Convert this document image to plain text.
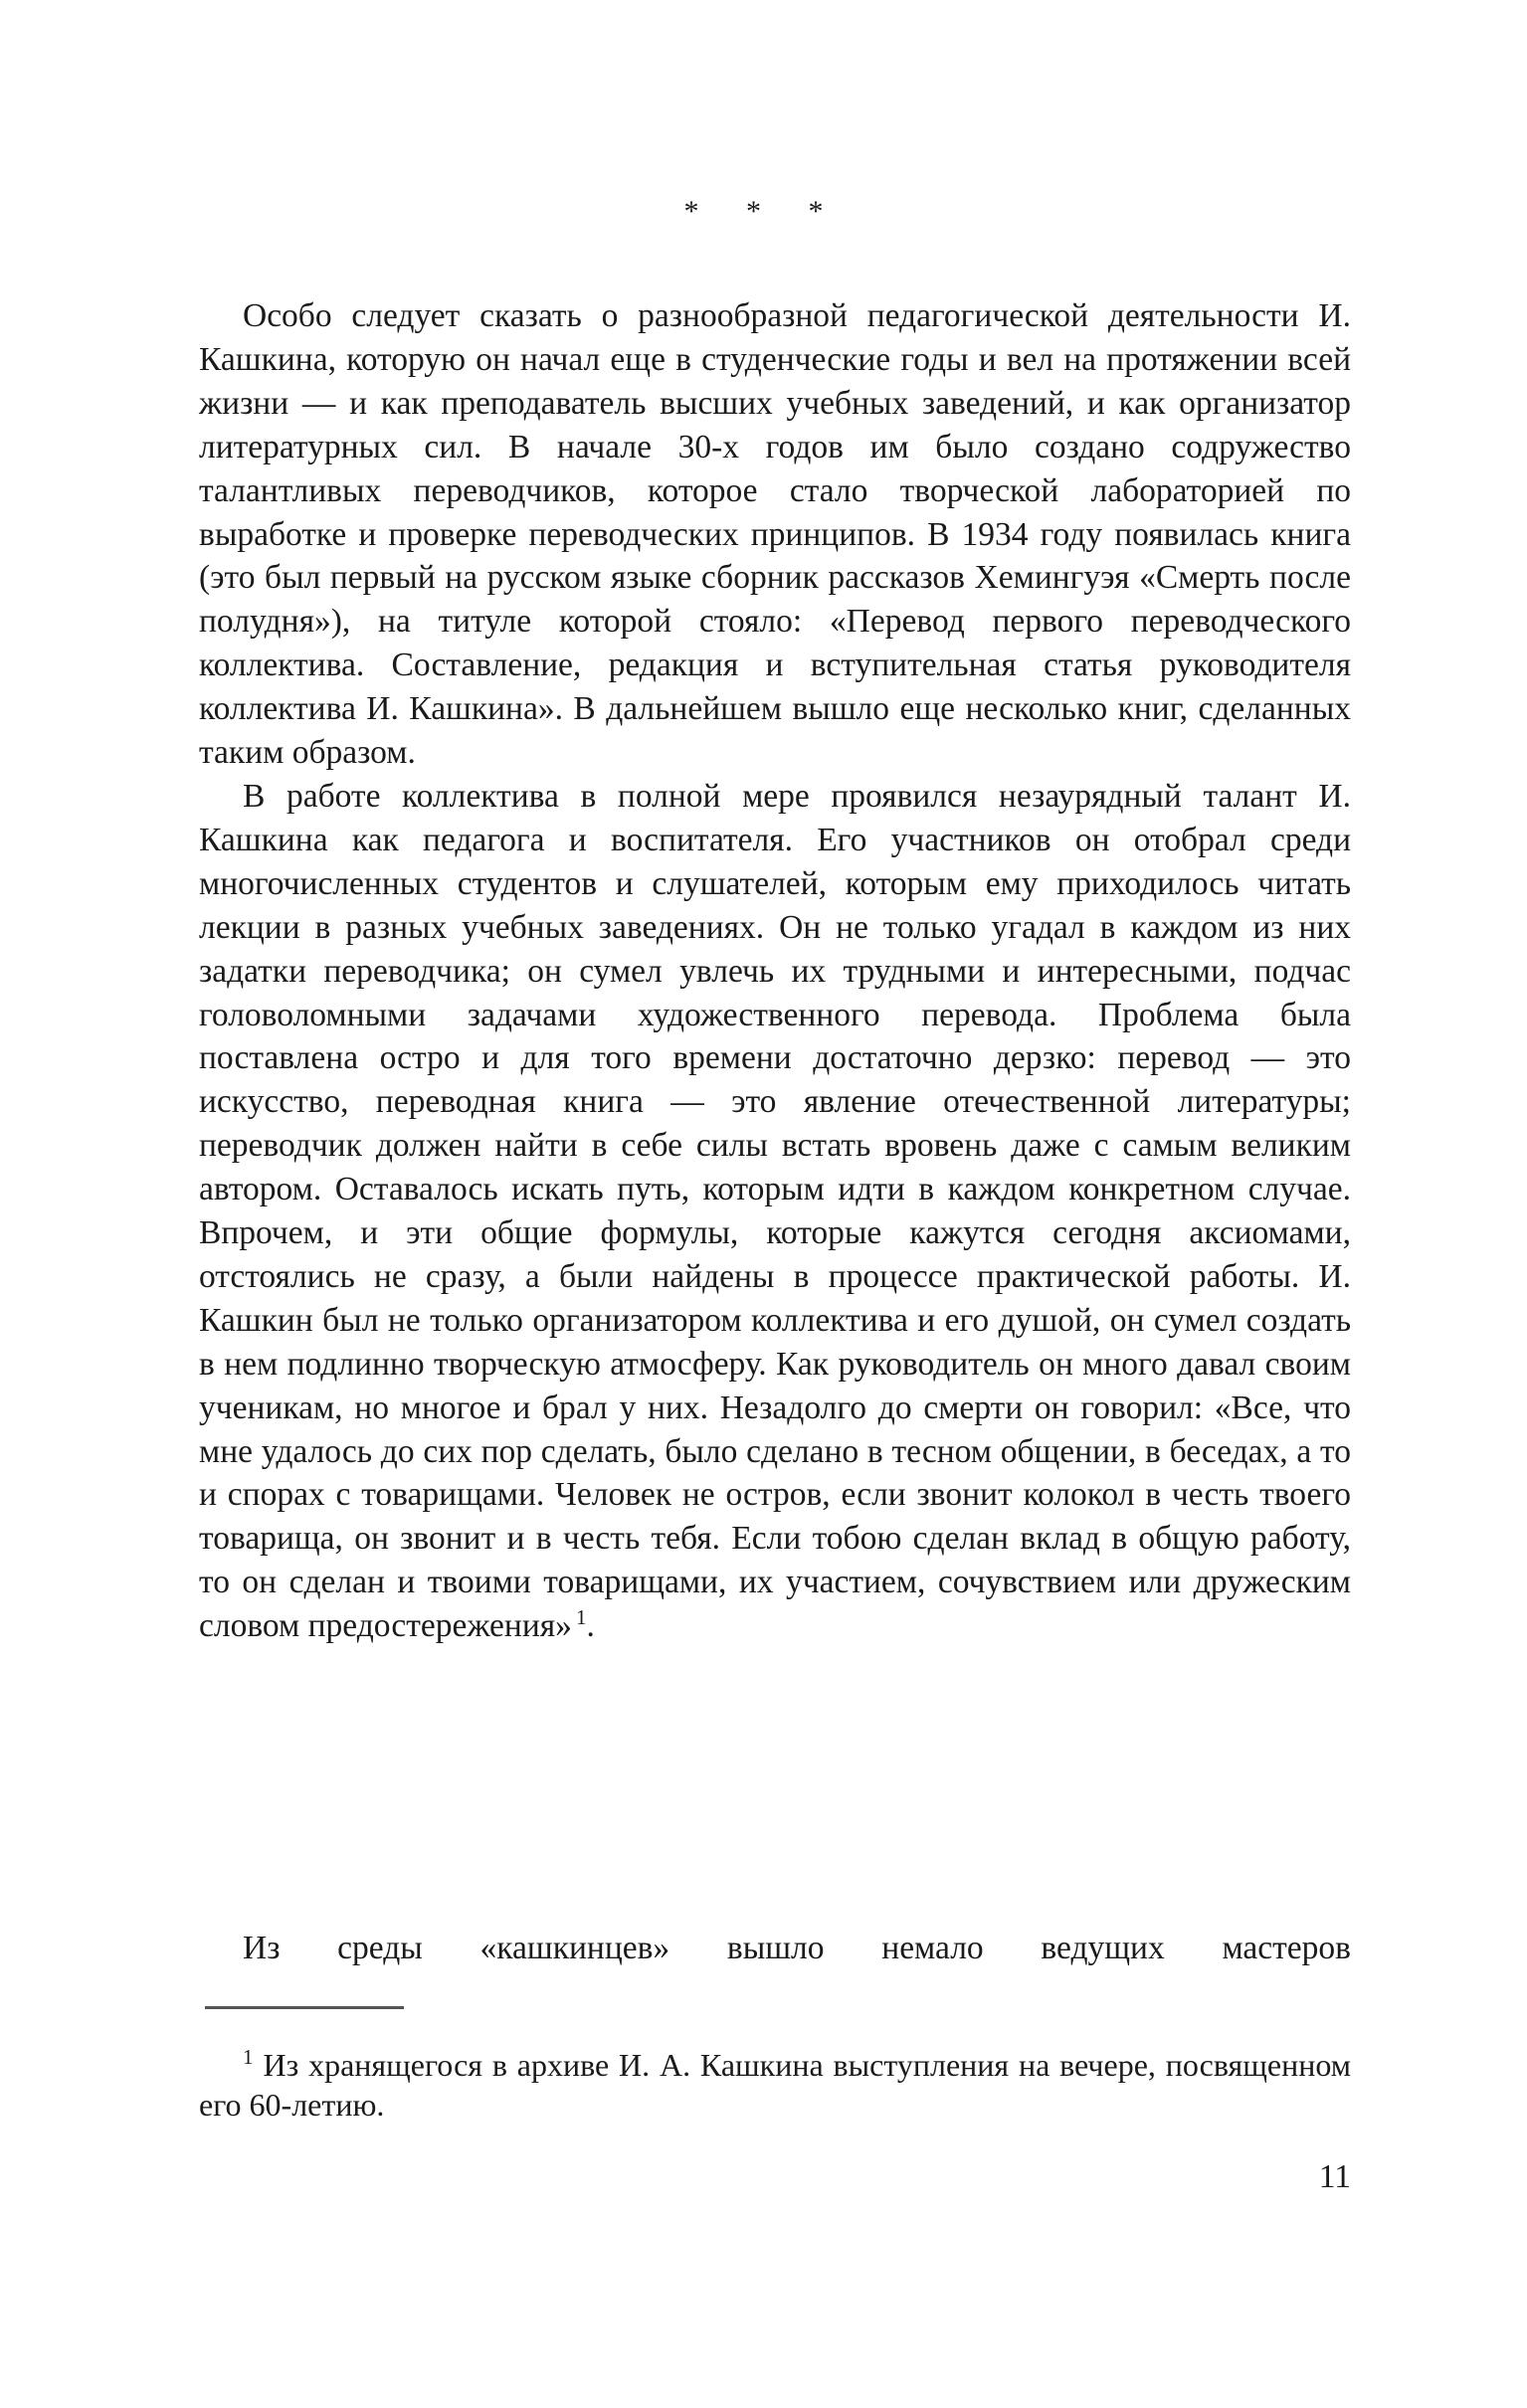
* * *

Особо следует сказать о разнообразной педагогической деятельности И. Кашкина, которую он начал еще в студенческие годы и вел на протяжении всей жизни — и как преподаватель высших учебных заведений, и как организатор литературных сил. В начале 30-х годов им было создано содружество талантливых переводчиков, которое стало творческой лабораторией по выработке и проверке переводческих принципов. В 1934 году появилась книга (это был первый на русском языке сборник рассказов Хемингуэя «Смерть после полудня»), на титуле которой стояло: «Перевод первого переводческого коллектива. Составление, редакция и вступительная статья руководителя коллектива И. Кашкина». В дальнейшем вышло еще несколько книг, сделанных таким образом.

В работе коллектива в полной мере проявился незаурядный талант И. Кашкина как педагога и воспитателя. Его участников он отобрал среди многочисленных студентов и слушателей, которым ему приходилось читать лекции в разных учебных заведениях. Он не только угадал в каждом из них задатки переводчика; он сумел увлечь их трудными и интересными, подчас головоломными задачами художественного перевода. Проблема была поставлена остро и для того времени достаточно дерзко: перевод — это искусство, переводная книга — это явление отечественной литературы; переводчик должен найти в себе силы встать вровень даже с самым великим автором. Оставалось искать путь, которым идти в каждом конкретном случае. Впрочем, и эти общие формулы, которые кажутся сегодня аксиомами, отстоялись не сразу, а были найдены в процессе практической работы. И. Кашкин был не только организатором коллектива и его душой, он сумел создать в нем подлинно творческую атмосферу. Как руководитель он много давал своим ученикам, но многое и брал у них. Незадолго до смерти он говорил: «Все, что мне удалось до сих пор сделать, было сделано в тесном общении, в беседах, а то и спорах с товарищами. Человек не остров, если звонит колокол в честь твоего товарища, он звонит и в честь тебя. Если тобою сделан вклад в общую работу, то он сделан и твоими товарищами, их участием, сочувствием или дружеским словом предостережения» $^1$.

Из среды «кашкинцев» вышло немало ведущих мастеров
$^1$ Из хранящегося в архиве И. А. Кашкина выступления на вечере, посвященном его 60-летию.
11
